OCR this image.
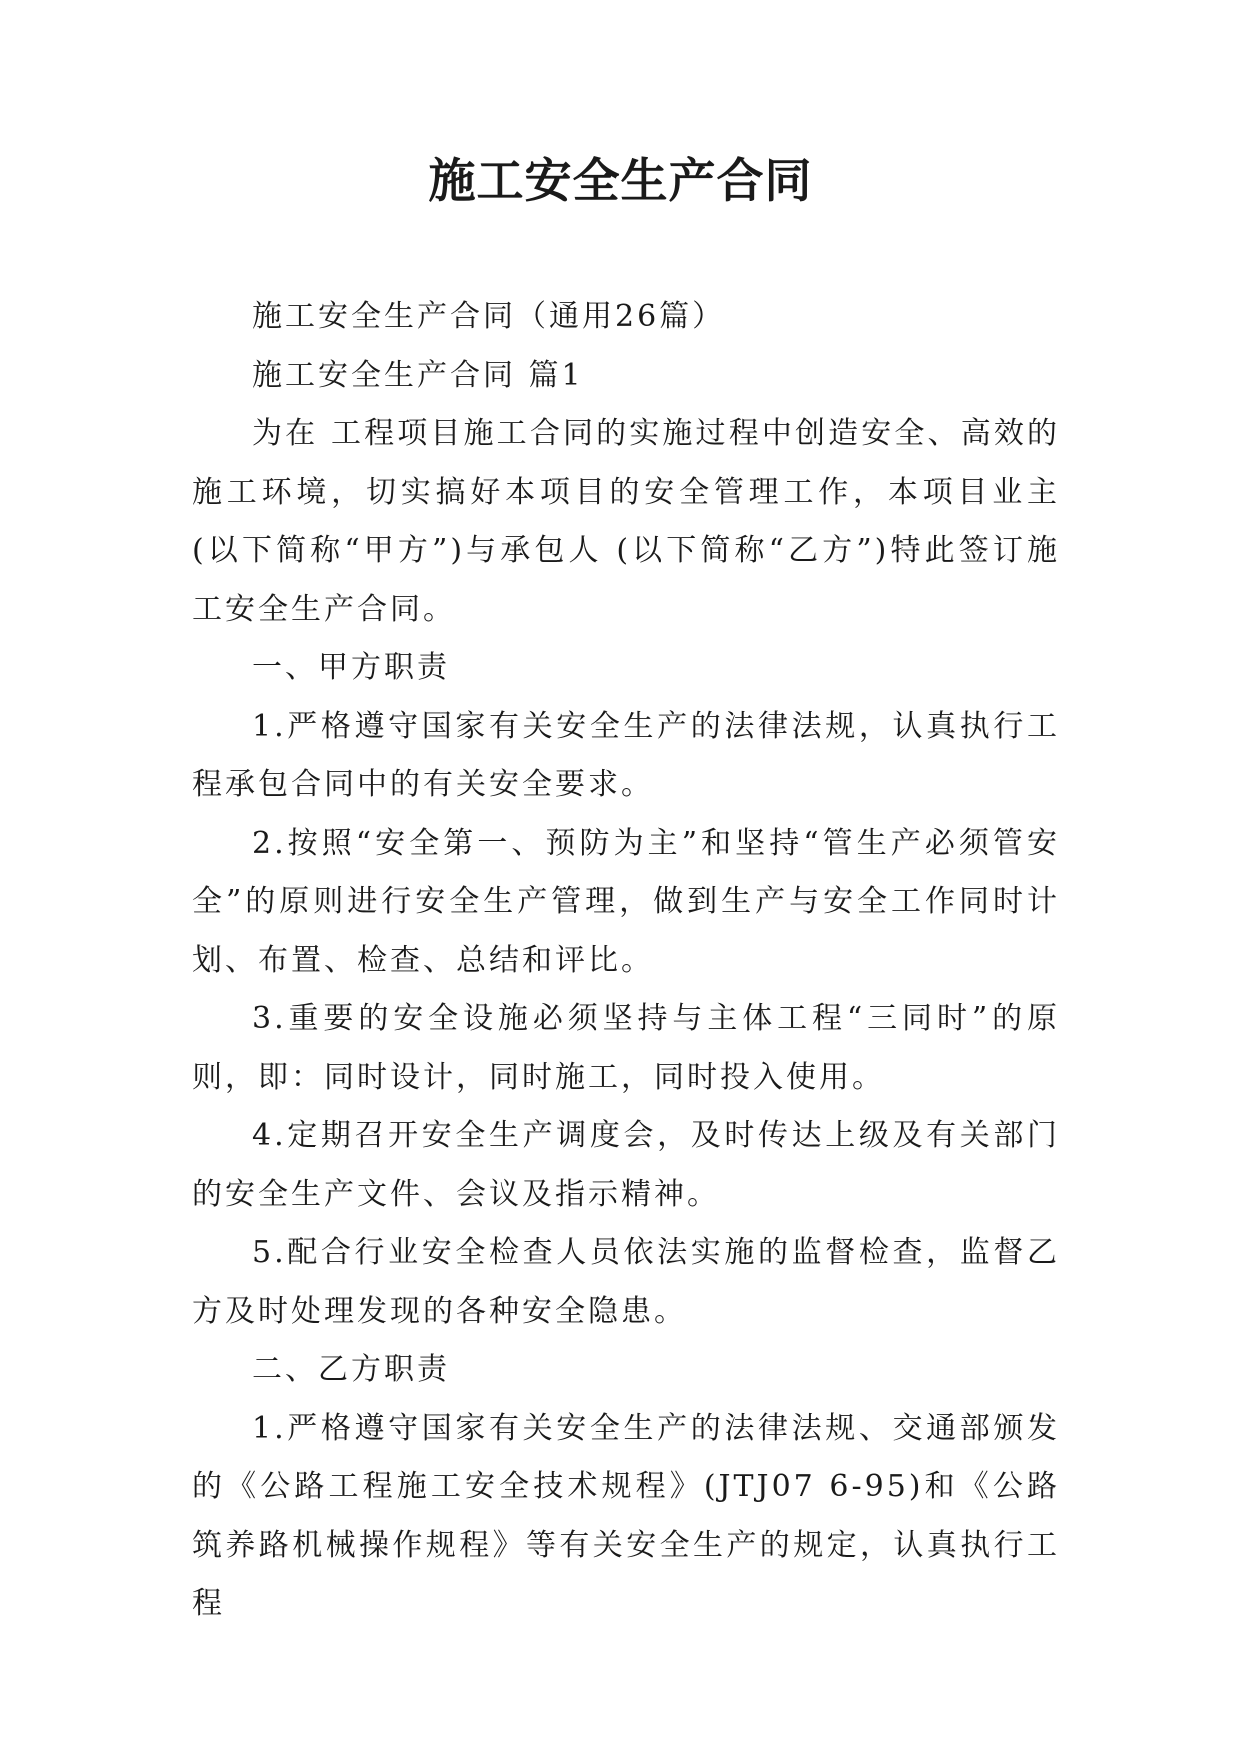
施工安全生产合同

施工安全生产合同（通用26篇）

施工安全生产合同 篇1

为在 工程项目施工合同的实施过程中创造安全、高效的施工环境，切实搞好本项目的安全管理工作，本项目业主(以下简称“甲方”)与承包人 (以下简称“乙方”)特此签订施工安全生产合同。

一、甲方职责

1.严格遵守国家有关安全生产的法律法规，认真执行工程承包合同中的有关安全要求。

2.按照“安全第一、预防为主”和坚持“管生产必须管安全”的原则进行安全生产管理，做到生产与安全工作同时计划、布置、检查、总结和评比。

3.重要的安全设施必须坚持与主体工程“三同时”的原则，即：同时设计，同时施工，同时投入使用。

4.定期召开安全生产调度会，及时传达上级及有关部门的安全生产文件、会议及指示精神。

5.配合行业安全检查人员依法实施的监督检查，监督乙方及时处理发现的各种安全隐患。

二、乙方职责

1.严格遵守国家有关安全生产的法律法规、交通部颁发的《公路工程施工安全技术规程》(JTJ07 6-95)和《公路筑养路机械操作规程》等有关安全生产的规定，认真执行工程
